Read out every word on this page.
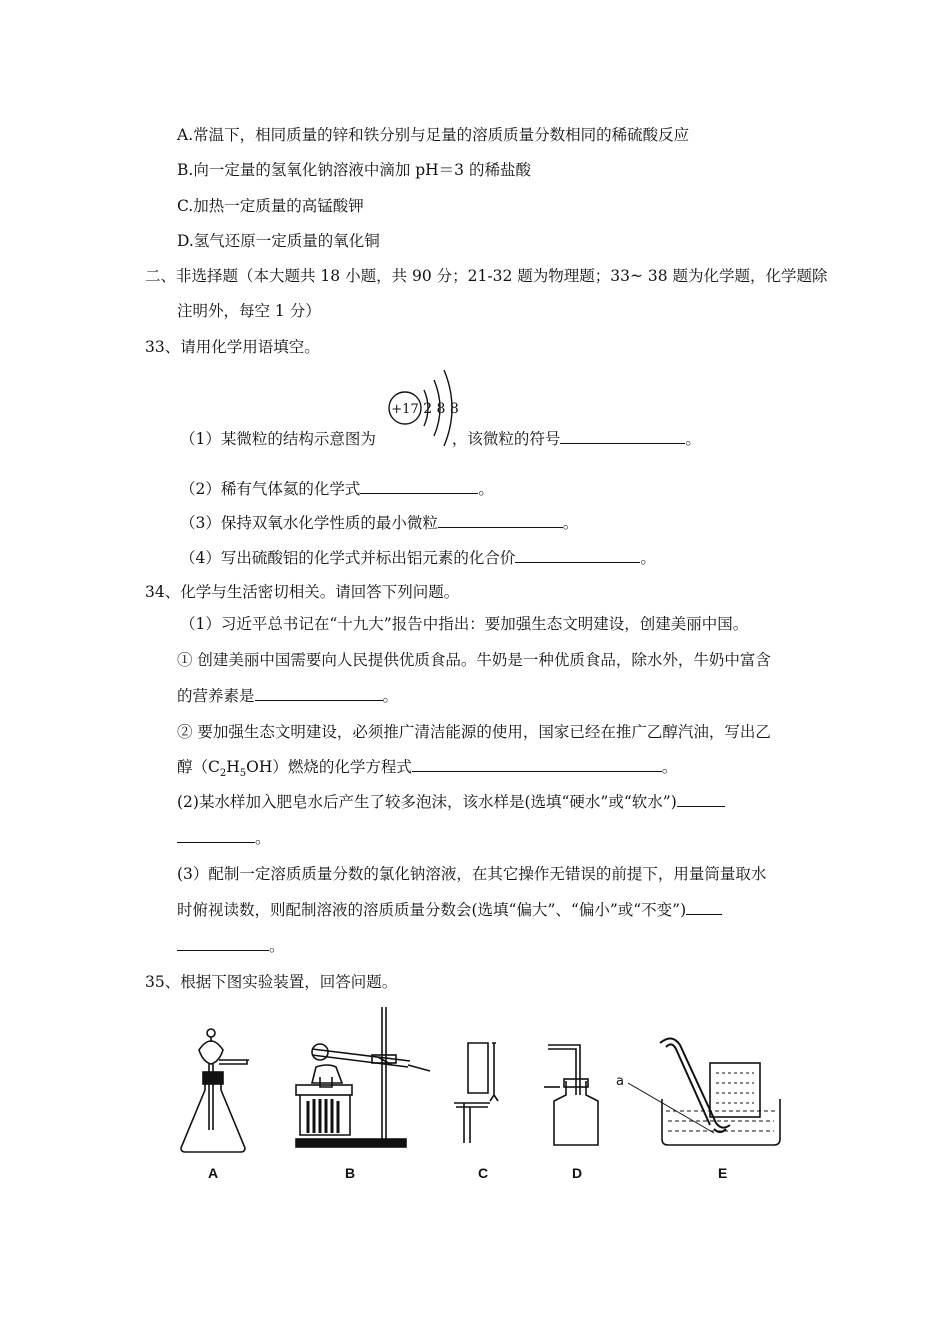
A.常温下，相同质量的锌和铁分别与足量的溶质质量分数相同的稀硫酸反应
B.向一定量的氢氧化钠溶液中滴加 pH＝3 的稀盐酸
C.加热一定质量的高锰酸钾
D.氢气还原一定质量的氧化铜
二、非选择题（本大题共 18 小题，共 90 分；21-32 题为物理题；33~ 38 题为化学题，化学题除
注明外，每空 1 分）
33、请用化学用语填空。
+17 2 8 8
（1）某微粒的结构示意图为	，该微粒的符号	。
（2）稀有气体氦的化学式	。
（3）保持双氧水化学性质的最小微粒	。
（4）写出硫酸铝的化学式并标出铝元素的化合价	。
34、化学与生活密切相关。请回答下列问题。
（1）习近平总书记在“十九大”报告中指出：要加强生态文明建设，创建美丽中国。
① 创建美丽中国需要向人民提供优质食品。牛奶是一种优质食品，除水外，牛奶中富含
的营养素是	。
② 要加强生态文明建设，必须推广清洁能源的使用，国家已经在推广乙醇汽油，写出乙
醇$(C_2H_5OH)$燃烧的化学方程式	。
(2)某水样加入肥皂水后产生了较多泡沫，该水样是(选填“硬水”或“软水”)
。
(3）配制一定溶质质量分数的氯化钠溶液，在其它操作无错误的前提下，用量筒量取水
时俯视读数，则配制溶液的溶质质量分数会(选填“偏大”、“偏小”或“不变”)
。
35、根据下图实验装置，回答问题。
A	B	C	D
a
E
